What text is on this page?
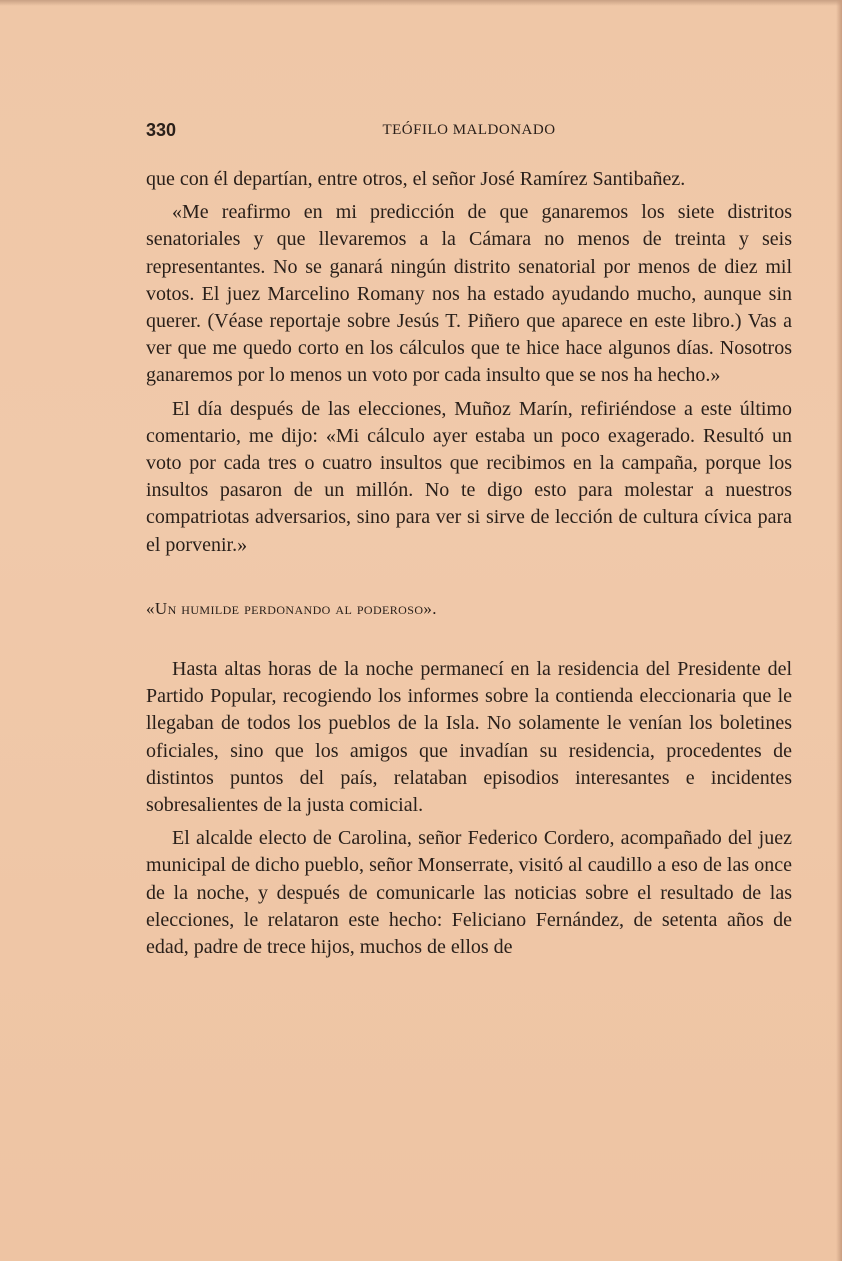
330	TEÓFILO MALDONADO

que con él departían, entre otros, el señor José Ramírez Santibañez.

«Me reafirmo en mi predicción de que ganaremos los siete distritos senatoriales y que llevaremos a la Cámara no menos de treinta y seis representantes. No se ganará ningún distrito senatorial por menos de diez mil votos. El juez Marcelino Romany nos ha estado ayudando mucho, aunque sin querer. (Véase reportaje sobre Jesús T. Piñero que aparece en este libro.) Vas a ver que me quedo corto en los cálculos que te hice hace algunos días. Nosotros ganaremos por lo menos un voto por cada insulto que se nos ha hecho.»

El día después de las elecciones, Muñoz Marín, refiriéndose a este último comentario, me dijo: «Mi cálculo ayer estaba un poco exagerado. Resultó un voto por cada tres o cuatro insultos que recibimos en la campaña, porque los insultos pasaron de un millón. No te digo esto para molestar a nuestros compatriotas adversarios, sino para ver si sirve de lección de cultura cívica para el porvenir.»

«Un humilde perdonando al poderoso».

Hasta altas horas de la noche permanecí en la residencia del Presidente del Partido Popular, recogiendo los informes sobre la contienda eleccionaria que le llegaban de todos los pueblos de la Isla. No solamente le venían los boletines oficiales, sino que los amigos que invadían su residencia, procedentes de distintos puntos del país, relataban episodios interesantes e incidentes sobresalientes de la justa comicial.

El alcalde electo de Carolina, señor Federico Cordero, acompañado del juez municipal de dicho pueblo, señor Monserrate, visitó al caudillo a eso de las once de la noche, y después de comunicarle las noticias sobre el resultado de las elecciones, le relataron este hecho: Feliciano Fernández, de setenta años de edad, padre de trece hijos, muchos de ellos de
